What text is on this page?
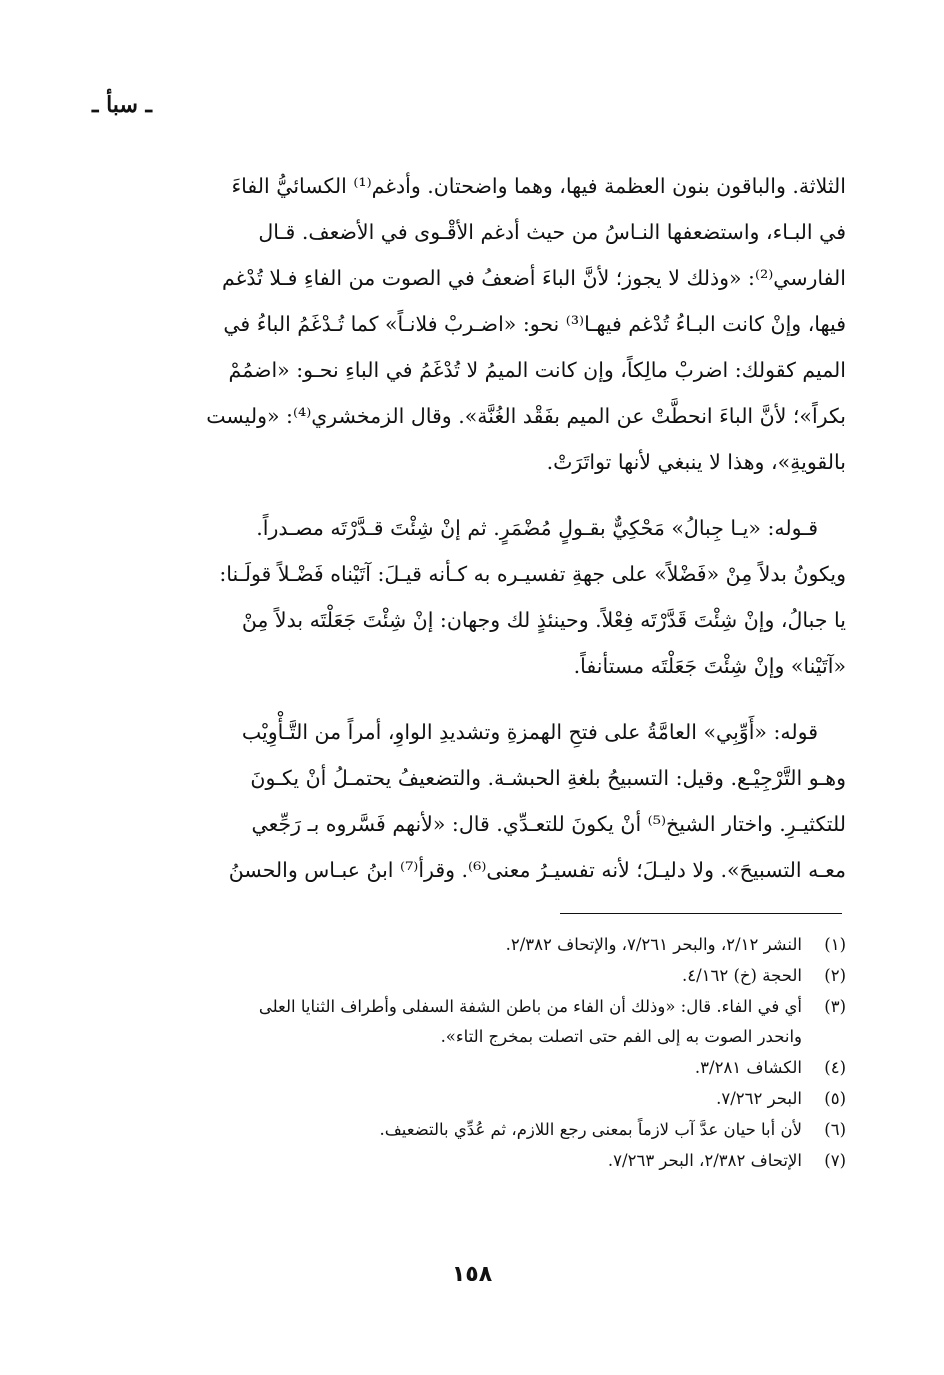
ـ سبأ ـ
الثلاثة. والباقون بنون العظمة فيها، وهما واضحتان. وأدغم⁽¹⁾ الكسائيُّ الفاءَ
في البـاء، واستضعفها النـاسُ من حيث أدغم الأقْـوى في الأضعف. قـال
الفارسي⁽²⁾: «وذلك لا يجوز؛ لأنَّ الباءَ أضعفُ في الصوت من الفاءِ فـلا تُدْغم
فيها، وإنْ كانت البـاءُ تُدْغم فيهـا⁽³⁾ نحو: «اضـربْ فلانـاً» كما تُـدْغَمُ الباءُ في
الميم كقولك: اضربْ مالِكاً، وإن كانت الميمُ لا تُدْغَمُ في الباءِ نحـو: «اضمُمْ
بكراً»؛ لأنَّ الباءَ انحطَّتْ عن الميم بفَقْد الغُنَّة». وقال الزمخشري⁽⁴⁾: «وليست
بالقويةِ»، وهذا لا ينبغي لأنها تواتَرَتْ.
قـوله: «يـا جِبالُ» مَحْكِيٌّ بقـولٍ مُضْمَرٍ. ثم إنْ شِئْتَ قـدَّرْتَه مصـدراً.
ويكونُ بدلاً مِنْ «فَضْلاً» على جهةِ تفسيـره به كـأنه قيـلَ: آتَيْناه فَضْـلاً قولَـنا:
يا جبالُ، وإنْ شِئْتَ قَدَّرْتَه فِعْلاً. وحينئذٍ لك وجهان: إنْ شِئْتَ جَعَلْتَه بدلاً مِنْ
«آتَيْنا» وإنْ شِئْتَ جَعَلْتَه مستأنفاً.
قوله: «أَوِّبِي» العامَّةُ على فتحِ الهمزةِ وتشديدِ الواوِ، أمراً من التَّـأْوِيْب
وهـو التَّرْجِيْـع. وقيل: التسبيحُ بلغةِ الحبشـة. والتضعيفُ يحتمـلُ أنْ يكـونَ
للتكثيـرِ. واختار الشيخ⁽⁵⁾ أنْ يكونَ للتعـدِّي. قال: «لأنهم فَسَّروه بـ رَجِّعي
معـه التسبيحَ». ولا دليـلَ؛ لأنه تفسيـرُ معنى⁽⁶⁾. وقرأ⁽⁷⁾ ابنُ عبـاس والحسنُ
(١)
النشر ٢/١٢، والبحر ٧/٢٦١، والإتحاف ٢/٣٨٢.
(٢)
الحجة (خ) ٤/١٦٢.
(٣)
أي في الفاء. قال: «وذلك أن الفاء من باطن الشفة السفلى وأطراف الثنايا العلى
وانحدر الصوت به إلى الفم حتى اتصلت بمخرج التاء».
(٤)
الكشاف ٣/٢٨١.
(٥)
البحر ٧/٢٦٢.
(٦)
لأن أبا حيان عدَّ آب لازماً بمعنى رجع اللازم، ثم عُدِّي بالتضعيف.
(٧)
الإتحاف ٢/٣٨٢، البحر ٧/٢٦٣.
١٥٨
